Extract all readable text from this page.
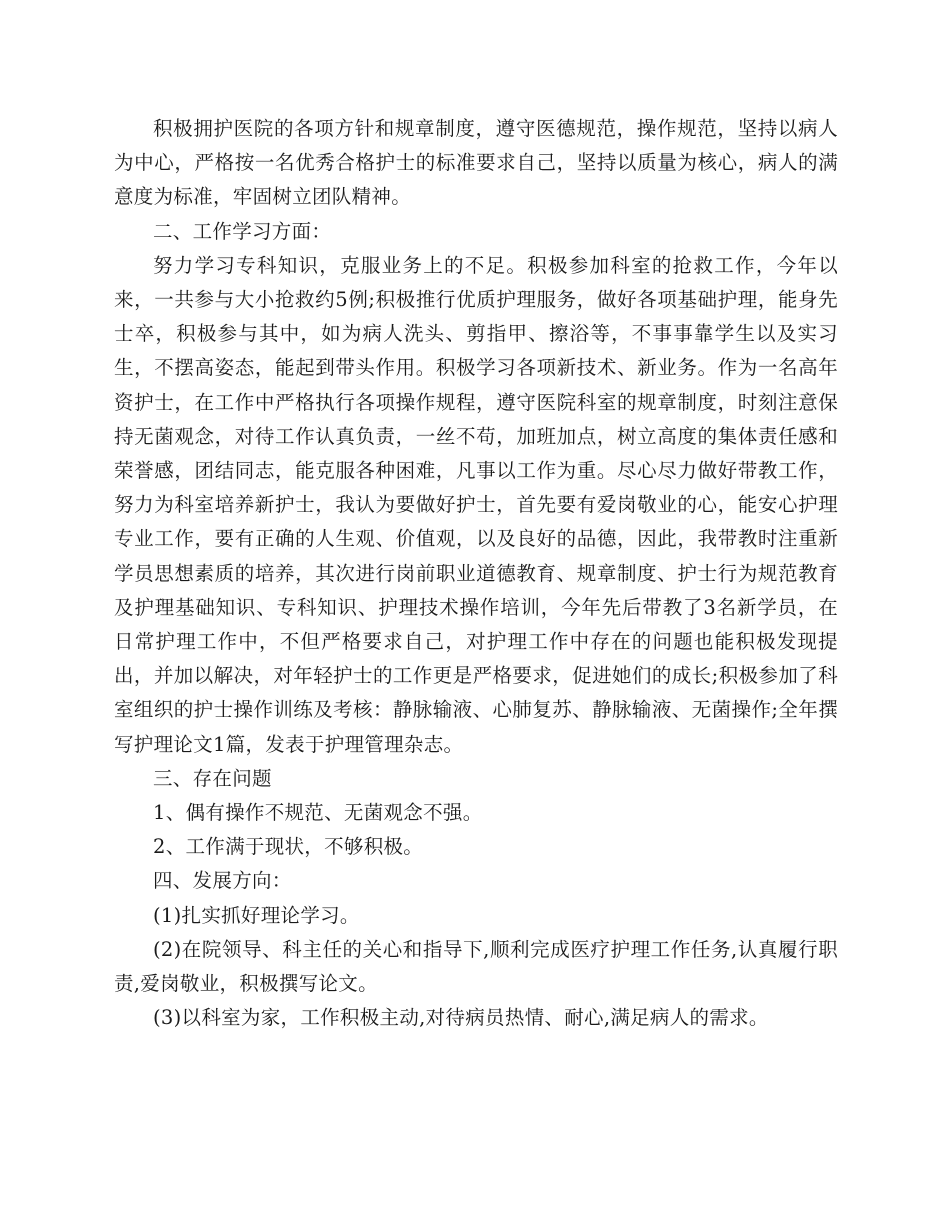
积极拥护医院的各项方针和规章制度，遵守医德规范，操作规范，坚持以病人为中心，严格按一名优秀合格护士的标准要求自己，坚持以质量为核心，病人的满意度为标准，牢固树立团队精神。

二、工作学习方面：

努力学习专科知识，克服业务上的不足。积极参加科室的抢救工作，今年以来，一共参与大小抢救约5例;积极推行优质护理服务，做好各项基础护理，能身先士卒，积极参与其中，如为病人洗头、剪指甲、擦浴等，不事事靠学生以及实习生，不摆高姿态，能起到带头作用。积极学习各项新技术、新业务。作为一名高年资护士，在工作中严格执行各项操作规程，遵守医院科室的规章制度，时刻注意保持无菌观念，对待工作认真负责，一丝不苟，加班加点，树立高度的集体责任感和荣誉感，团结同志，能克服各种困难，凡事以工作为重。尽心尽力做好带教工作，努力为科室培养新护士，我认为要做好护士，首先要有爱岗敬业的心，能安心护理专业工作，要有正确的人生观、价值观，以及良好的品德，因此，我带教时注重新学员思想素质的培养，其次进行岗前职业道德教育、规章制度、护士行为规范教育及护理基础知识、专科知识、护理技术操作培训，今年先后带教了3名新学员，在日常护理工作中，不但严格要求自己，对护理工作中存在的问题也能积极发现提出，并加以解决，对年轻护士的工作更是严格要求，促进她们的成长;积极参加了科室组织的护士操作训练及考核：静脉输液、心肺复苏、静脉输液、无菌操作;全年撰写护理论文1篇，发表于护理管理杂志。

三、存在问题

1、偶有操作不规范、无菌观念不强。

2、工作满于现状，不够积极。

四、发展方向：

(1)扎实抓好理论学习。

(2)在院领导、科主任的关心和指导下,顺利完成医疗护理工作任务,认真履行职责,爱岗敬业，积极撰写论文。

(3)以科室为家，工作积极主动,对待病员热情、耐心,满足病人的需求。
